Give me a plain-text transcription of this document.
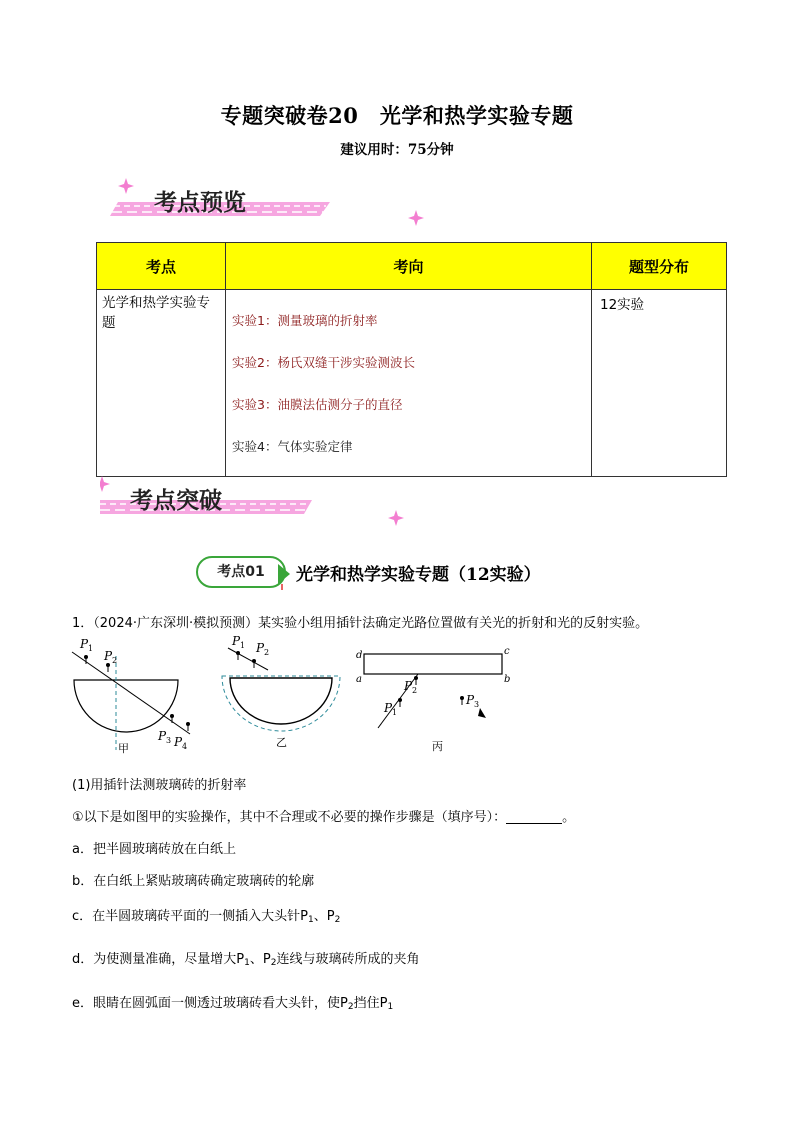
专题突破卷20　光学和热学实验专题
建议用时：75分钟
考点预览
考点	考向	题型分布
光学和热学实验专题	实验1：测量玻璃的折射率
实验2：杨氏双缝干涉实验测波长
实验3：油膜法估测分子的直径
实验4：气体实验定律	12实验
考点突破
考点01	光学和热学实验专题（12实验）
1．（2024·广东深圳·模拟预测）某实验小组用插针法确定光路位置做有关光的折射和光的反射实验。
P 1
P 2
P 3 P 4
甲
P 1 P 2
乙
d	c
a	b
P 2
P 1
P 3
丙
(1)用插针法测玻璃砖的折射率
①以下是如图甲的实验操作，其中不合理或不必要的操作步骤是（填序号）：	。
a．把半圆玻璃砖放在白纸上
b．在白纸上紧贴玻璃砖确定玻璃砖的轮廓
c．在半圆玻璃砖平面的一侧插入大头针$P_1$、$P_2$
d．为使测量准确，尽量增大$P_1$、$P_2$连线与玻璃砖所成的夹角
e．眼睛在圆弧面一侧透过玻璃砖看大头针，使$P_2$挡住$P_1$
